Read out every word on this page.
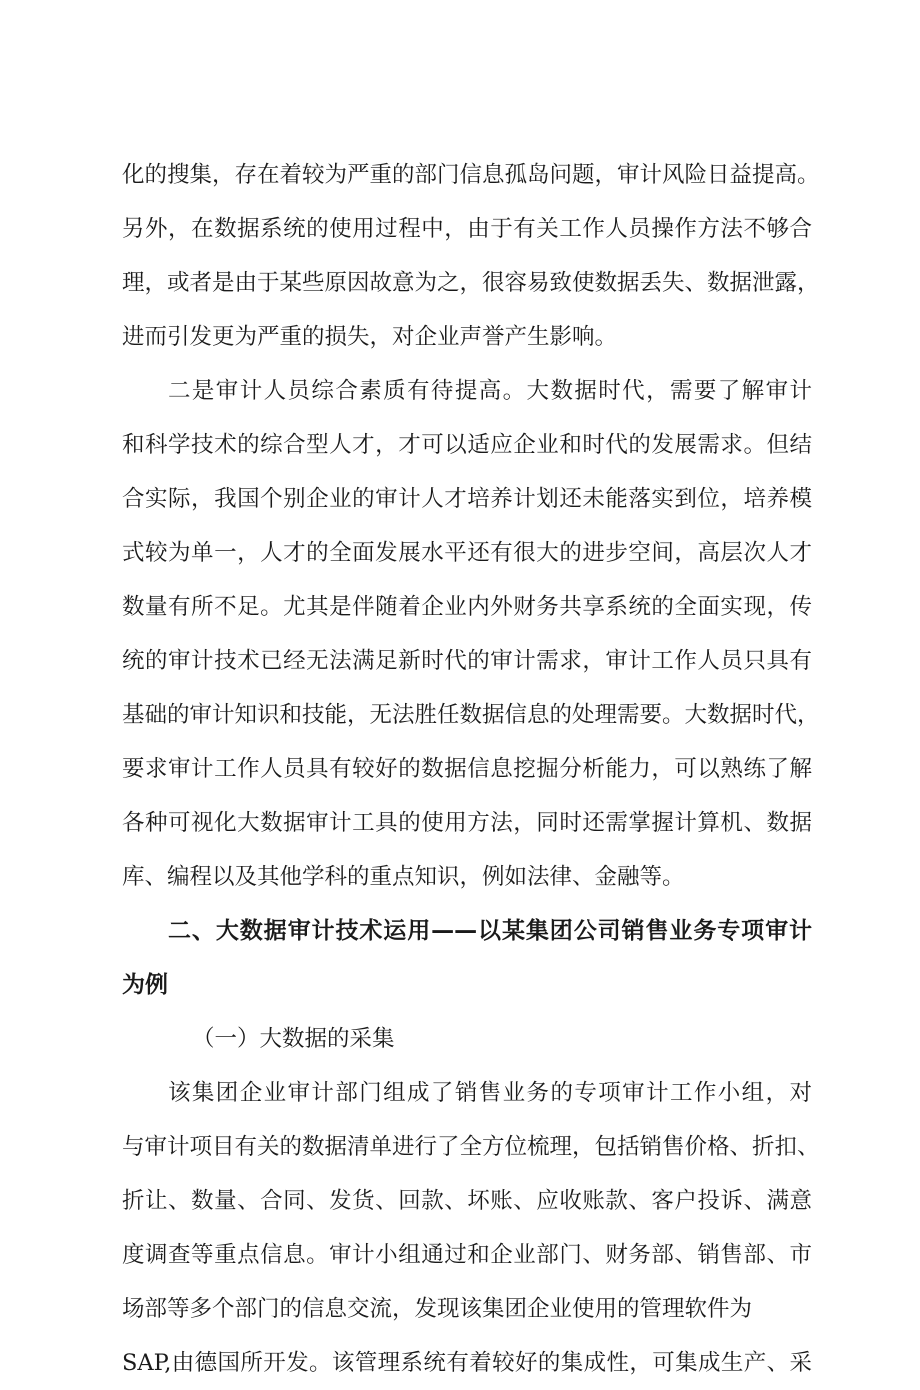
化的搜集，存在着较为严重的部门信息孤岛问题，审计风险日益提高。
另外，在数据系统的使用过程中，由于有关工作人员操作方法不够合
理，或者是由于某些原因故意为之，很容易致使数据丢失、数据泄露，
进而引发更为严重的损失，对企业声誉产生影响。
二是审计人员综合素质有待提高。大数据时代，需要了解审计
和科学技术的综合型人才，才可以适应企业和时代的发展需求。但结
合实际，我国个别企业的审计人才培养计划还未能落实到位，培养模
式较为单一，人才的全面发展水平还有很大的进步空间，高层次人才
数量有所不足。尤其是伴随着企业内外财务共享系统的全面实现，传
统的审计技术已经无法满足新时代的审计需求，审计工作人员只具有
基础的审计知识和技能，无法胜任数据信息的处理需要。大数据时代，
要求审计工作人员具有较好的数据信息挖掘分析能力，可以熟练了解
各种可视化大数据审计工具的使用方法，同时还需掌握计算机、数据
库、编程以及其他学科的重点知识，例如法律、金融等。
二、大数据审计技术运用——以某集团公司销售业务专项审计
为例
（一）大数据的采集
该集团企业审计部门组成了销售业务的专项审计工作小组，对
与审计项目有关的数据清单进行了全方位梳理，包括销售价格、折扣、
折让、数量、合同、发货、回款、坏账、应收账款、客户投诉、满意
度调查等重点信息。审计小组通过和企业部门、财务部、销售部、市
场部等多个部门的信息交流，发现该集团企业使用的管理软件为
SAP,由德国所开发。该管理系统有着较好的集成性，可集成生产、采
